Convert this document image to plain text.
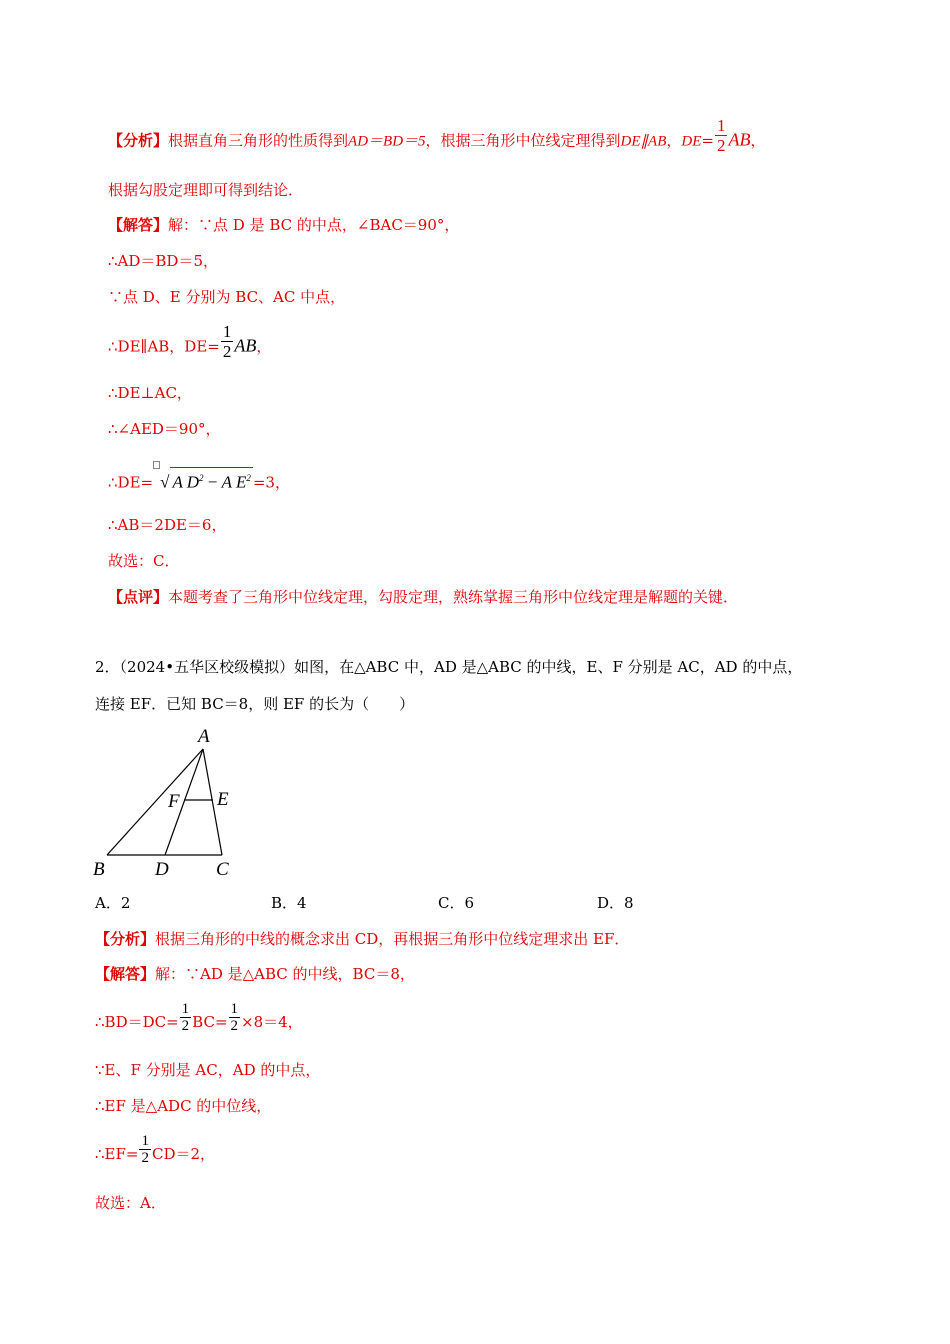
【分析】根据直角三角形的性质得到AD＝BD＝5，根据三角形中位线定理得到DE∥AB，$DE= \frac{1}{2}$ AB，
根据勾股定理即可得到结论．
【解答】解：∵点 D 是 BC 的中点，∠BAC＝90°，
∴AD＝BD＝5，
∵点 D、E 分别为 BC、AC 中点，
∴DE∥AB，$DE= \frac{1}{2}$ AB，
∴DE⊥AC，
∴∠AED＝90°，
∴DE= √ A $D^2 - A$ $E^2 =3$，
∴AB＝2DE＝6，
故选：C．
【点评】本题考查了三角形中位线定理，勾股定理，熟练掌握三角形中位线定理是解题的关键．
2．（2024•五华区校级模拟）如图，在△ABC 中，AD 是△ABC 的中线，E、F 分别是 AC，AD 的中点，
连接 EF．已知 BC＝8，则 EF 的长为（　　）
A
B	C
D
E
F
A．2	B．4	C．6	D．8
【分析】根据三角形的中线的概念求出 CD，再根据三角形中位线定理求出 EF．
【解答】解：∵AD 是△ABC 的中线，BC＝8，
∴BD＝DC= $\frac{1}{2} BC= \frac{1}{2} \times 8=4$，
∵E、F 分别是 AC，AD 的中点，
∴EF 是△ADC 的中位线，
∴EF= $\frac{1}{2} CD=2$，
故选：A．
